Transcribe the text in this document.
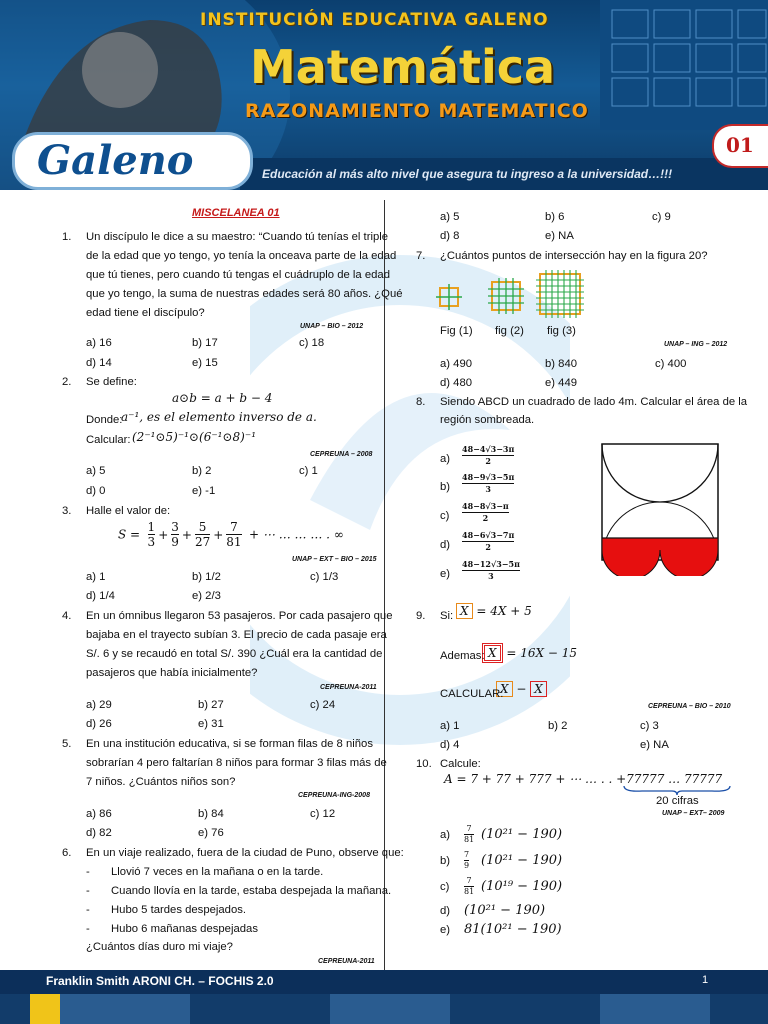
INSTITUCIÓN EDUCATIVA GALENO
Matemática
RAZONAMIENTO MATEMATICO
Educación al más alto nivel que asegura tu ingreso a la universidad…!!!
Galeno	01
MISCELANEA 01
a⊙b = a + b − 4
a⁻¹, es el elemento inverso de a.
(2⁻¹⊙5)⁻¹⊙(6⁻¹⊙8)⁻¹
$S = \frac{1}{3} + \frac{3}{9} + \frac{5}{27} + \frac{7}{81}$ + ⋯ … … … . ∞
X = 4X + 5
X = 16X − 15
X − X
A = 7 + 77 + 777 + ⋯ … . . +77777 … 77777
Franklin Smith ARONI CH. – FOCHIS 2.0	1
1. Un discípulo le dice a su maestro: “Cuando tú tenías el triple
de la edad que yo tengo, yo tenía la onceava parte de la edad
que tú tienes, pero cuando tú tengas el cuádruplo de la edad
que yo tengo, la suma de nuestras edades será 80 años. ¿Qué
edad tiene el discípulo?
a) 16	b) 17	c) 18
d) 14	e) 15
2. Se define:
Donde:
Calcular:
a) 5	b) 2	c) 1
d) 0	e) -1
3. Halle el valor de:
a) 1	b) 1/2	c) 1/3
d) 1/4	e) 2/3
4. En un ómnibus llegaron 53 pasajeros. Por cada pasajero que
bajaba en el trayecto subían 3. El precio de cada pasaje era
S/. 6 y se recaudó en total S/. 390 ¿Cuál era la cantidad de
pasajeros que había inicialmente?
a) 29	b) 27	c) 24
d) 26	e) 31
5. En una institución educativa, si se forman filas de 8 niños
sobrarían 4 pero faltarían 8 niños para formar 3 filas más de
7 niños. ¿Cuántos niños son?
a) 86	b) 84	c) 12
d) 82	e) 76
6. En un viaje realizado, fuera de la ciudad de Puno, observe que:
- Llovió 7 veces en la mañana o en la tarde.
- Cuando llovía en la tarde, estaba despejada la mañana.
- Hubo 5 tardes despejados.
- Hubo 6 mañanas despejadas
¿Cuántos días duro mi viaje?
a) 5	b) 6	c) 9
d) 8	e) NA
7. ¿Cuántos puntos de intersección hay en la figura 20?
Fig (1) fig (2) fig (3)
a) 490	b) 840	c) 400
d) 480	e) 449
8. Siendo ABCD un cuadrado de lado 4m. Calcular el área de la
región sombreada.
9. Si:
Ademas:
CALCULAR:
a) 1	b) 2	c) 3
d) 4	e) NA
10. Calcule:
20 cifras
UNAP – BIO – 2012
CEPREUNA – 2008
UNAP – EXT – BIO – 2015
CEPREUNA-2011
CEPREUNA-ING-2008
CEPREUNA-2011
UNAP – ING – 2012
CEPREUNA – BIO – 2010
UNAP – EXT– 2009
$a) \frac{48-4√3-3\pi}{2}$
$b) \frac{48-9√3-5\pi}{3}$
$c) \frac{48-8√3-\pi}{2}$
$d) \frac{48-6√3-7\pi}{2}$
$e) \frac{48-12√3-5\pi}{3}$
$a) \frac{7}{81} (10^{21} - 190)$
$b) \frac{7}{9} (10^{21} - 190)$
$c) \frac{7}{81} (10^{19} - 190)$
d) (10²¹ − 190)
e) 81(10²¹ − 190)
